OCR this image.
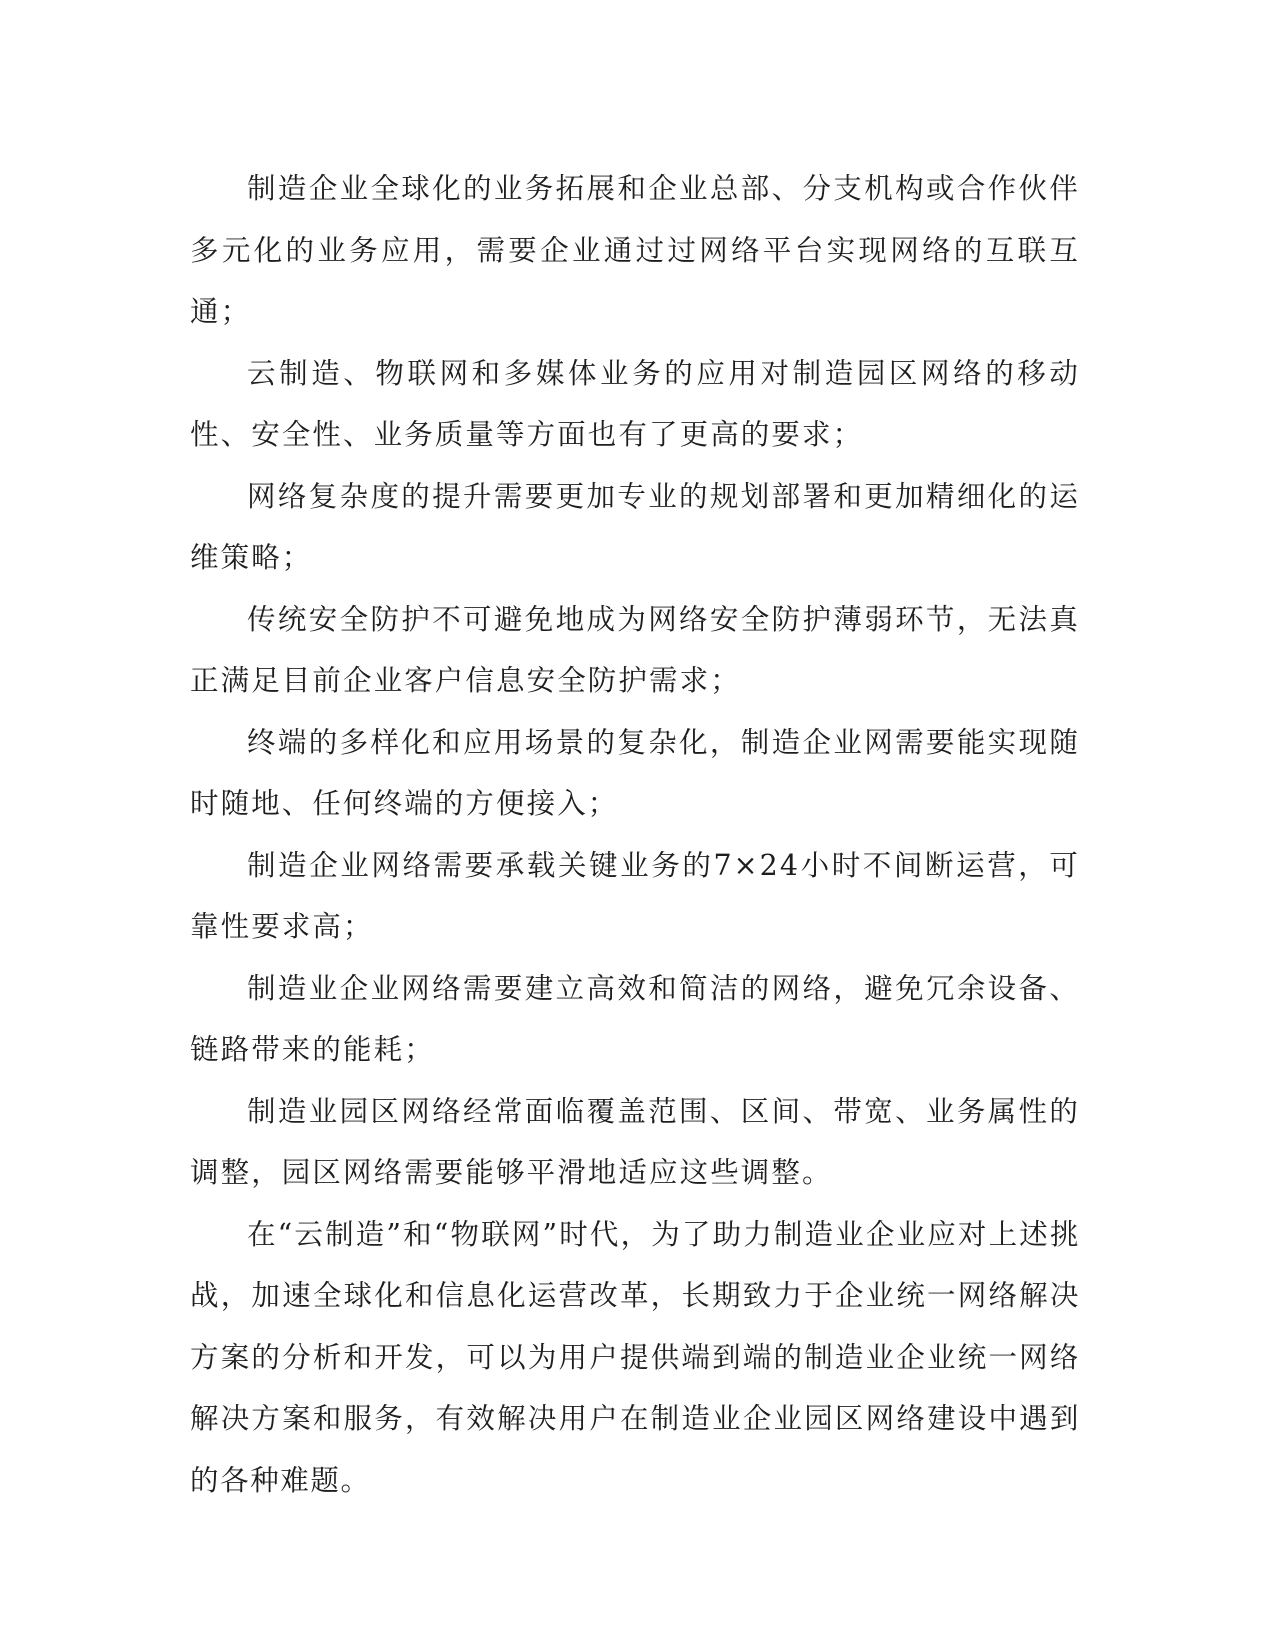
制造企业全球化的业务拓展和企业总部、分支机构或合作伙伴多元化的业务应用，需要企业通过过网络平台实现网络的互联互通；

云制造、物联网和多媒体业务的应用对制造园区网络的移动性、安全性、业务质量等方面也有了更高的要求；

网络复杂度的提升需要更加专业的规划部署和更加精细化的运维策略；

传统安全防护不可避免地成为网络安全防护薄弱环节，无法真正满足目前企业客户信息安全防护需求；

终端的多样化和应用场景的复杂化，制造企业网需要能实现随时随地、任何终端的方便接入；

制造企业网络需要承载关键业务的7×24小时不间断运营，可靠性要求高；

制造业企业网络需要建立高效和简洁的网络，避免冗余设备、链路带来的能耗；

制造业园区网络经常面临覆盖范围、区间、带宽、业务属性的调整，园区网络需要能够平滑地适应这些调整。

在“云制造”和“物联网”时代，为了助力制造业企业应对上述挑战，加速全球化和信息化运营改革，长期致力于企业统一网络解决方案的分析和开发，可以为用户提供端到端的制造业企业统一网络解决方案和服务，有效解决用户在制造业企业园区网络建设中遇到的各种难题。
